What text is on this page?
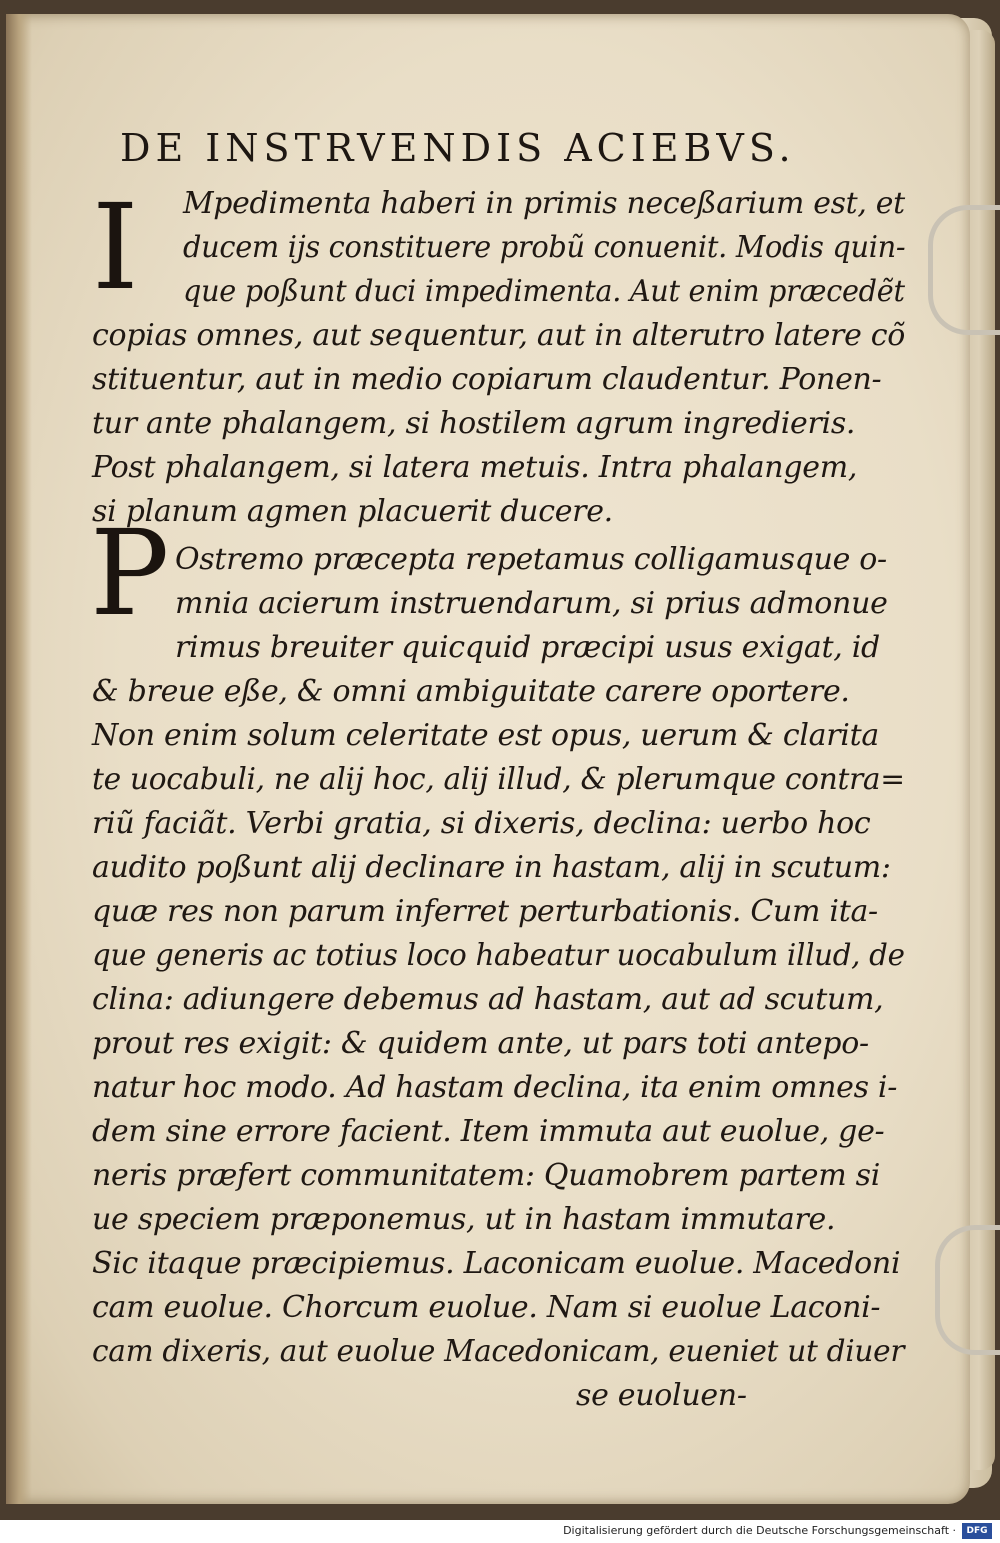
DE INSTRVENDIS ACIEBVS.
I Mpedimenta haberi in primis neceßarium est, et
ducem ijs constituere probũ conuenit. Modis quin-
que poßunt duci impedimenta. Aut enim præcedẽt
copias omnes, aut sequentur, aut in alterutro latere cõ
stituentur, aut in medio copiarum claudentur. Ponen-
tur ante phalangem, si hostilem agrum ingredieris.
Post phalangem, si latera metuis. Intra phalangem,
si planum agmen placuerit ducere.
P Ostremo præcepta repetamus colligamusque o-
mnia acierum instruendarum, si prius admonue
rimus breuiter quicquid præcipi usus exigat, id
& breue eße, & omni ambiguitate carere oportere.
Non enim solum celeritate est opus, uerum & clarita
te uocabuli, ne alij hoc, alij illud, & plerumque contra=
riũ faciãt. Verbi gratia, si dixeris, declina: uerbo hoc
audito poßunt alij declinare in hastam, alij in scutum:
quæ res non parum inferret perturbationis. Cum ita-
que generis ac totius loco habeatur uocabulum illud, de
clina: adiungere debemus ad hastam, aut ad scutum,
prout res exigit: & quidem ante, ut pars toti antepo-
natur hoc modo. Ad hastam declina, ita enim omnes i-
dem sine errore facient. Item immuta aut euolue, ge-
neris præfert communitatem: Quamobrem partem si
ue speciem præponemus, ut in hastam immutare.
Sic itaque præcipiemus. Laconicam euolue. Macedoni
cam euolue. Chorcum euolue. Nam si euolue Laconi-
cam dixeris, aut euolue Macedonicam, eueniet ut diuer
se euoluen-
Digitalisierung gefördert durch die Deutsche Forschungsgemeinschaft ·	DFG
